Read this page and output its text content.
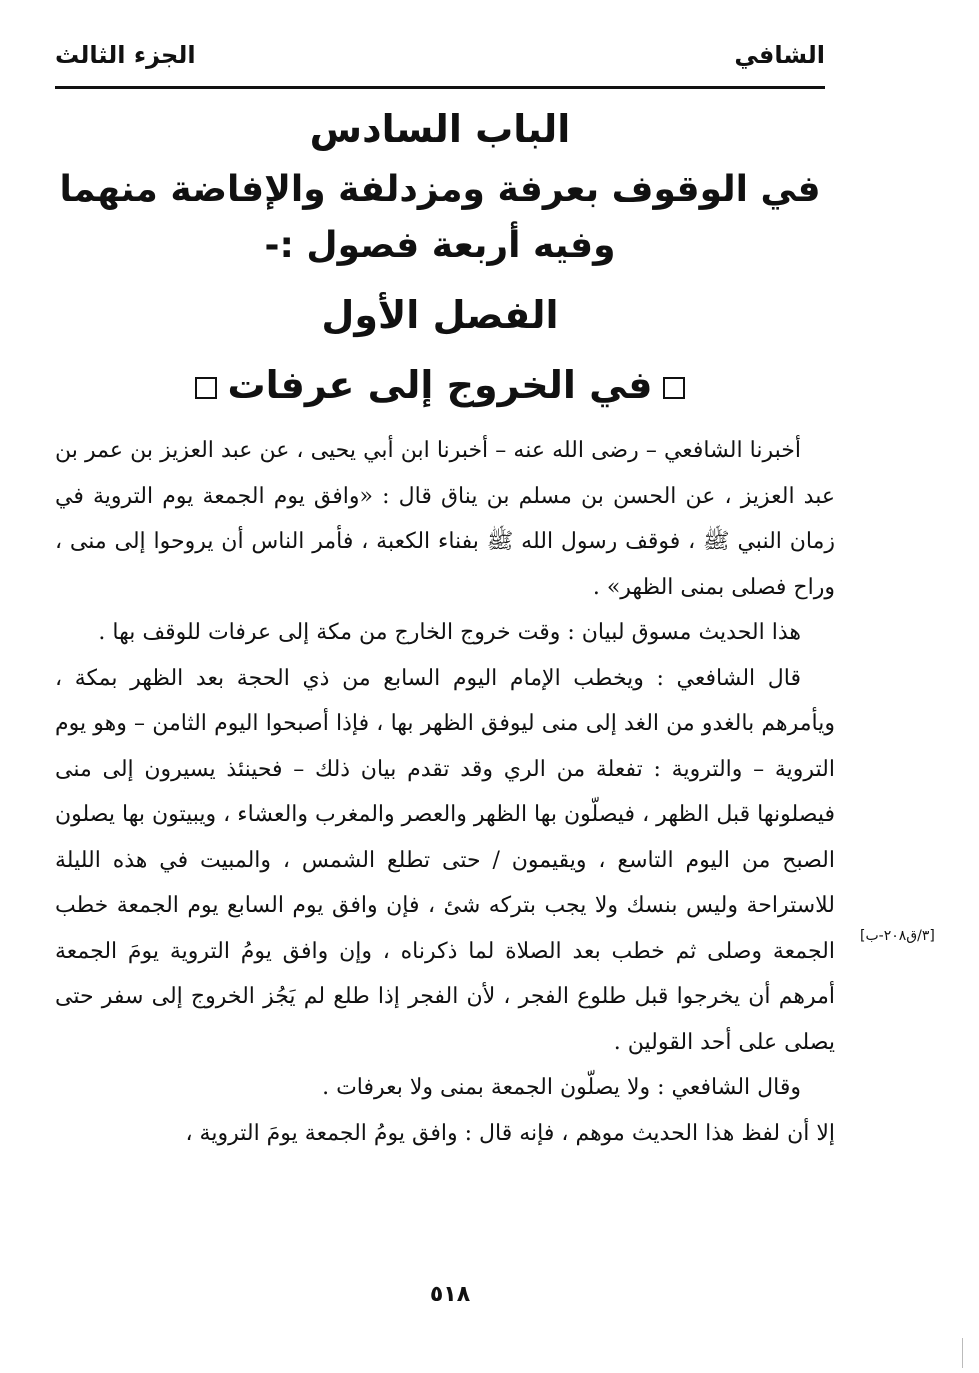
الشافي
الجزء الثالث
الباب السادس
في الوقوف بعرفة ومزدلفة والإفاضة منهما
وفيه أربعة فصول :-
الفصل الأول
في الخروج إلى عرفات

أخبرنا الشافعي – رضى الله عنه – أخبرنا ابن أبي يحيى ، عن عبد العزيز بن عمر بن عبد العزيز ، عن الحسن بن مسلم بن يناق قال : «وافق يوم الجمعة يوم التروية في زمان النبي ﷺ ، فوقف رسول الله ﷺ بفناء الكعبة ، فأمر الناس أن يروحوا إلى منى ، وراح فصلى بمنى الظهر» .

هذا الحديث مسوق لبيان : وقت خروج الخارج من مكة إلى عرفات للوقف بها .

قال الشافعي : ويخطب الإمام اليوم السابع من ذي الحجة بعد الظهر بمكة ، ويأمرهم بالغدو من الغد إلى منى ليوفق الظهر بها ، فإذا أصبحوا اليوم الثامن – وهو يوم التروية – والتروية : تفعلة من الري وقد تقدم بيان ذلك – فحينئذ يسيرون إلى منى فيصلونها قبل الظهر ، فيصلّون بها الظهر والعصر والمغرب والعشاء ، ويبيتون بها يصلون الصبح من اليوم التاسع ، ويقيمون / حتى تطلع الشمس ، والمبيت في هذه الليلة للاستراحة وليس بنسك ولا يجب بتركه شئ ، فإن وافق يوم السابع يوم الجمعة خطب الجمعة وصلى ثم خطب بعد الصلاة لما ذكرناه ، وإن وافق يومُ التروية يومَ الجمعة أمرهم أن يخرجوا قبل طلوع الفجر ، لأن الفجر إذا طلع لم يَجُز الخروج إلى سفر حتى يصلى على أحد القولين .

وقال الشافعي : ولا يصلّون الجمعة بمنى ولا بعرفات .

إلا أن لفظ هذا الحديث موهم ، فإنه قال : وافق يومُ الجمعة يومَ التروية ،

[٣/ق٢٠٨-ب]
٥١٨
